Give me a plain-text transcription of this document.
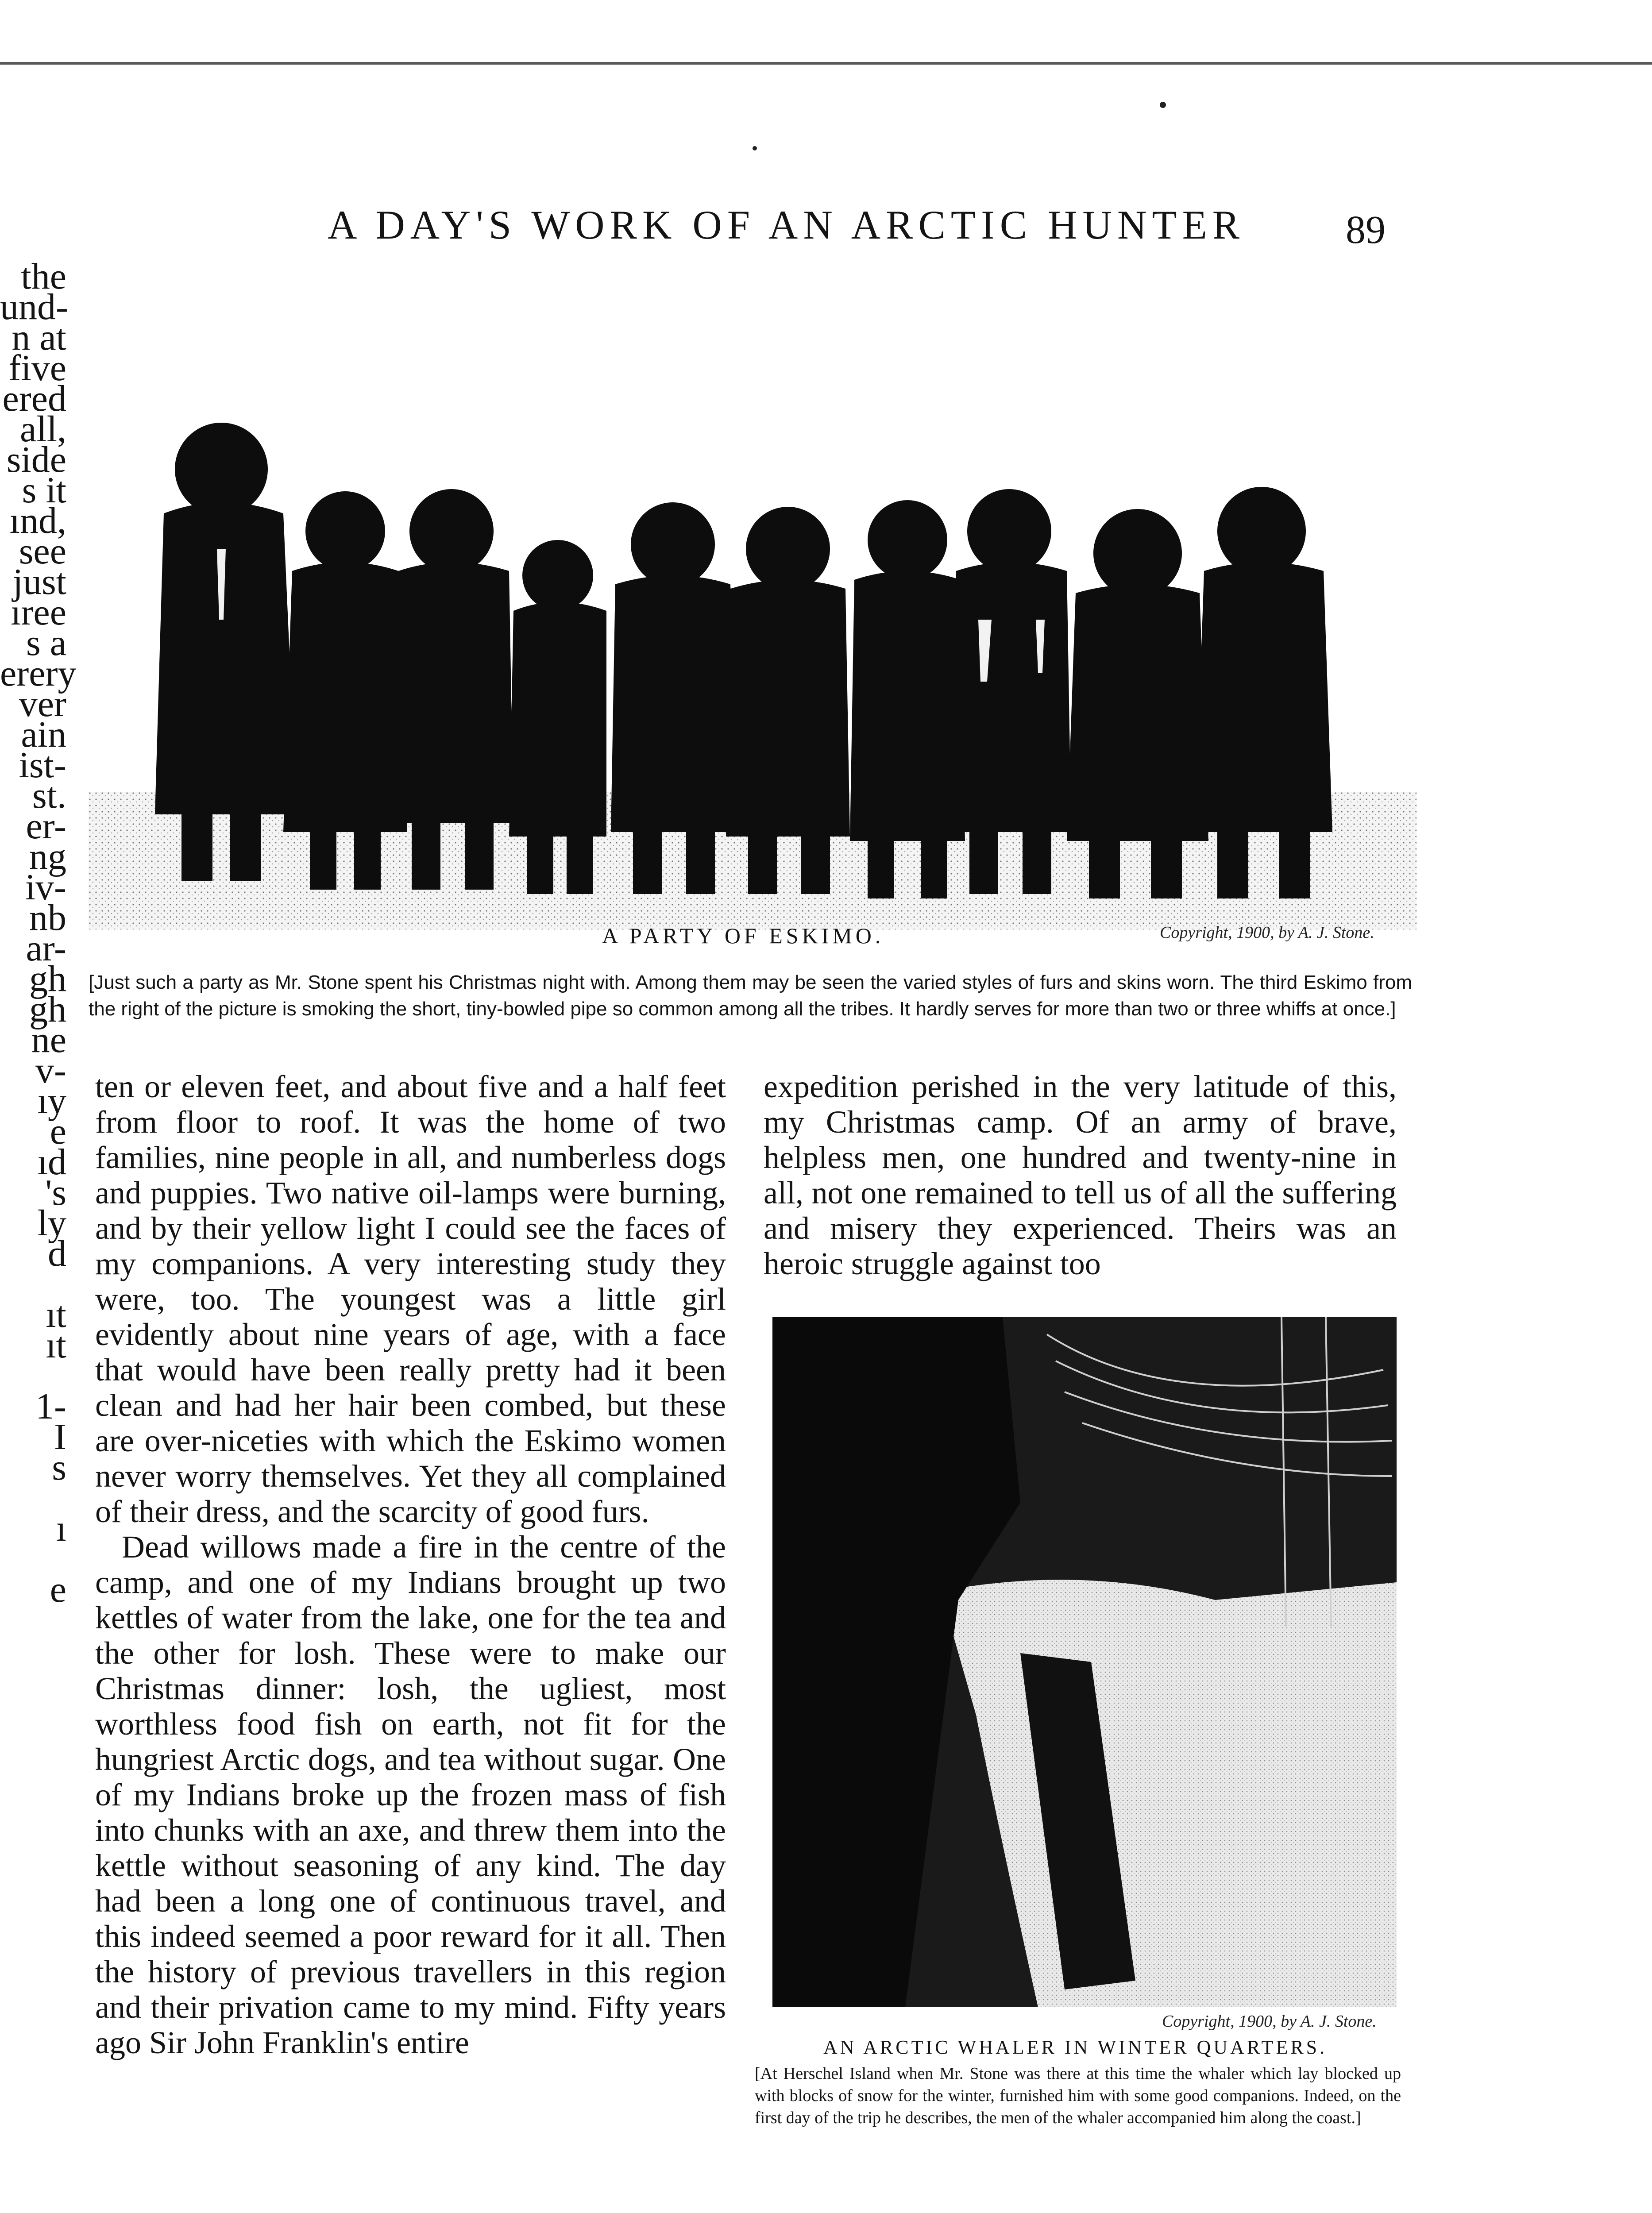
A DAY'S WORK OF AN ARCTIC HUNTER	89
the
und-
n at
five
ered
all,
side
s it
ınd,
see
just
ıree
s a
erery
ver
ain
ist-
st.
er-
ng
iv-
nb
ar-
gh
gh
ne
v-
ıy
e
ıd
's
ly
d

ıt
ıt

1-
I
s

ı

e

Copyright, 1900, by A. J. Stone.
A PARTY OF ESKIMO.
[Just such a party as Mr. Stone spent his Christmas night with. Among them may be seen the varied styles of furs and skins worn. The third Eskimo from the right of the picture is smoking the short, tiny-bowled pipe so common among all the tribes. It hardly serves for more than two or three whiffs at once.]

ten or eleven feet, and about five and a half feet from floor to roof. It was the home of two families, nine people in all, and numberless dogs and puppies. Two native oil-lamps were burning, and by their yellow light I could see the faces of my companions. A very interesting study they were, too. The youngest was a little girl evidently about nine years of age, with a face that would have been really pretty had it been clean and had her hair been combed, but these are over-niceties with which the Eskimo women never worry themselves. Yet they all complained of their dress, and the scarcity of good furs.

Dead willows made a fire in the centre of the camp, and one of my Indians brought up two kettles of water from the lake, one for the tea and the other for losh. These were to make our Christmas dinner: losh, the ugliest, most worthless food fish on earth, not fit for the hungriest Arctic dogs, and tea without sugar. One of my Indians broke up the frozen mass of fish into chunks with an axe, and threw them into the kettle without seasoning of any kind. The day had been a long one of continuous travel, and this indeed seemed a poor reward for it all. Then the history of previous travellers in this region and their privation came to my mind. Fifty years ago Sir John Franklin's entire

expedition perished in the very latitude of this, my Christmas camp. Of an army of brave, helpless men, one hundred and twenty-nine in all, not one remained to tell us of all the suffering and misery they experienced. Theirs was an heroic struggle against too

Copyright, 1900, by A. J. Stone.
AN ARCTIC WHALER IN WINTER QUARTERS.
[At Herschel Island when Mr. Stone was there at this time the whaler which lay blocked up with blocks of snow for the winter, furnished him with some good companions. Indeed, on the first day of the trip he describes, the men of the whaler accompanied him along the coast.]
